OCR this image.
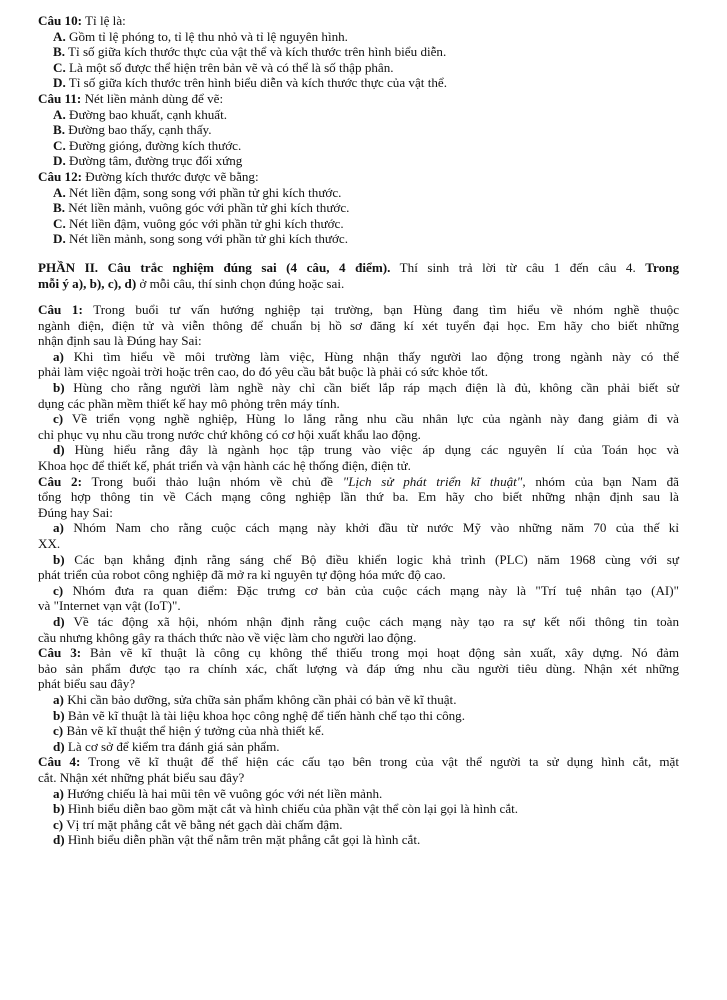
Câu 10: Tỉ lệ là:
A. Gồm tỉ lệ phóng to, tỉ lệ thu nhỏ và tỉ lệ nguyên hình.
B. Tỉ số giữa kích thước thực của vật thể và kích thước trên hình biểu diễn.
C. Là một số được thể hiện trên bản vẽ và có thể là số thập phân.
D. Tỉ số giữa kích thước trên hình biểu diễn và kích thước thực của vật thể.
Câu 11: Nét liền mảnh dùng để vẽ:
A. Đường bao khuất, cạnh khuất.
B. Đường bao thấy, cạnh thấy.
C. Đường gióng, đường kích thước.
D. Đường tâm, đường trục đối xứng
Câu 12: Đường kích thước được vẽ bằng:
A. Nét liền đậm, song song với phần tử ghi kích thước.
B. Nét liền mảnh, vuông góc với phần tử ghi kích thước.
C. Nét liền đậm, vuông góc với phần tử ghi kích thước.
D. Nét liền mảnh, song song với phần tử ghi kích thước.
PHẦN II. Câu trắc nghiệm đúng sai (4 câu, 4 điểm). Thí sinh trả lời từ câu 1 đến câu 4. Trong
mỗi ý a), b), c), d) ở mỗi câu, thí sinh chọn đúng hoặc sai.
Câu 1: Trong buổi tư vấn hướng nghiệp tại trường, bạn Hùng đang tìm hiểu về nhóm nghề thuộc
ngành điện, điện tử và viễn thông để chuẩn bị hồ sơ đăng kí xét tuyển đại học. Em hãy cho biết những
nhận định sau là Đúng hay Sai:
a) Khi tìm hiểu về môi trường làm việc, Hùng nhận thấy người lao động trong ngành này có thể
phải làm việc ngoài trời hoặc trên cao, do đó yêu cầu bắt buộc là phải có sức khỏe tốt.
b) Hùng cho rằng người làm nghề này chỉ cần biết lắp ráp mạch điện là đủ, không cần phải biết sử
dụng các phần mềm thiết kế hay mô phỏng trên máy tính.
c) Về triển vọng nghề nghiệp, Hùng lo lắng rằng nhu cầu nhân lực của ngành này đang giảm đi và
chỉ phục vụ nhu cầu trong nước chứ không có cơ hội xuất khẩu lao động.
d) Hùng hiểu rằng đây là ngành học tập trung vào việc áp dụng các nguyên lí của Toán học và
Khoa học để thiết kế, phát triển và vận hành các hệ thống điện, điện tử.
Câu 2: Trong buổi thảo luận nhóm về chủ đề "Lịch sử phát triển kĩ thuật", nhóm của bạn Nam đã
tổng hợp thông tin về Cách mạng công nghiệp lần thứ ba. Em hãy cho biết những nhận định sau là
Đúng hay Sai:
a) Nhóm Nam cho rằng cuộc cách mạng này khởi đầu từ nước Mỹ vào những năm 70 của thế kỉ
XX.
b) Các bạn khẳng định rằng sáng chế Bộ điều khiển logic khả trình (PLC) năm 1968 cùng với sự
phát triển của robot công nghiệp đã mở ra kỉ nguyên tự động hóa mức độ cao.
c) Nhóm đưa ra quan điểm: Đặc trưng cơ bản của cuộc cách mạng này là "Trí tuệ nhân tạo (AI)"
và "Internet vạn vật (IoT)".
d) Về tác động xã hội, nhóm nhận định rằng cuộc cách mạng này tạo ra sự kết nối thông tin toàn
cầu nhưng không gây ra thách thức nào về việc làm cho người lao động.
Câu 3: Bản vẽ kĩ thuật là công cụ không thể thiếu trong mọi hoạt động sản xuất, xây dựng. Nó đảm
bảo sản phẩm được tạo ra chính xác, chất lượng và đáp ứng nhu cầu người tiêu dùng. Nhận xét những
phát biểu sau đây?
a) Khi cần bảo dưỡng, sửa chữa sản phẩm không cần phải có bản vẽ kĩ thuật.
b) Bản vẽ kĩ thuật là tài liệu khoa học công nghệ để tiến hành chế tạo thi công.
c) Bản vẽ kĩ thuật thể hiện ý tưởng của nhà thiết kế.
d) Là cơ sở để kiểm tra đánh giá sản phẩm.
Câu 4: Trong vẽ kĩ thuật để thể hiện các cấu tạo bên trong của vật thể người ta sử dụng hình cắt, mặt
cắt. Nhận xét những phát biểu sau đây?
a) Hướng chiếu là hai mũi tên vẽ vuông góc với nét liền mảnh.
b) Hình biểu diễn bao gồm mặt cắt và hình chiếu của phần vật thể còn lại gọi là hình cắt.
c) Vị trí mặt phẳng cắt vẽ bằng nét gạch dài chấm đậm.
d) Hình biểu diễn phần vật thể nằm trên mặt phẳng cắt gọi là hình cắt.
